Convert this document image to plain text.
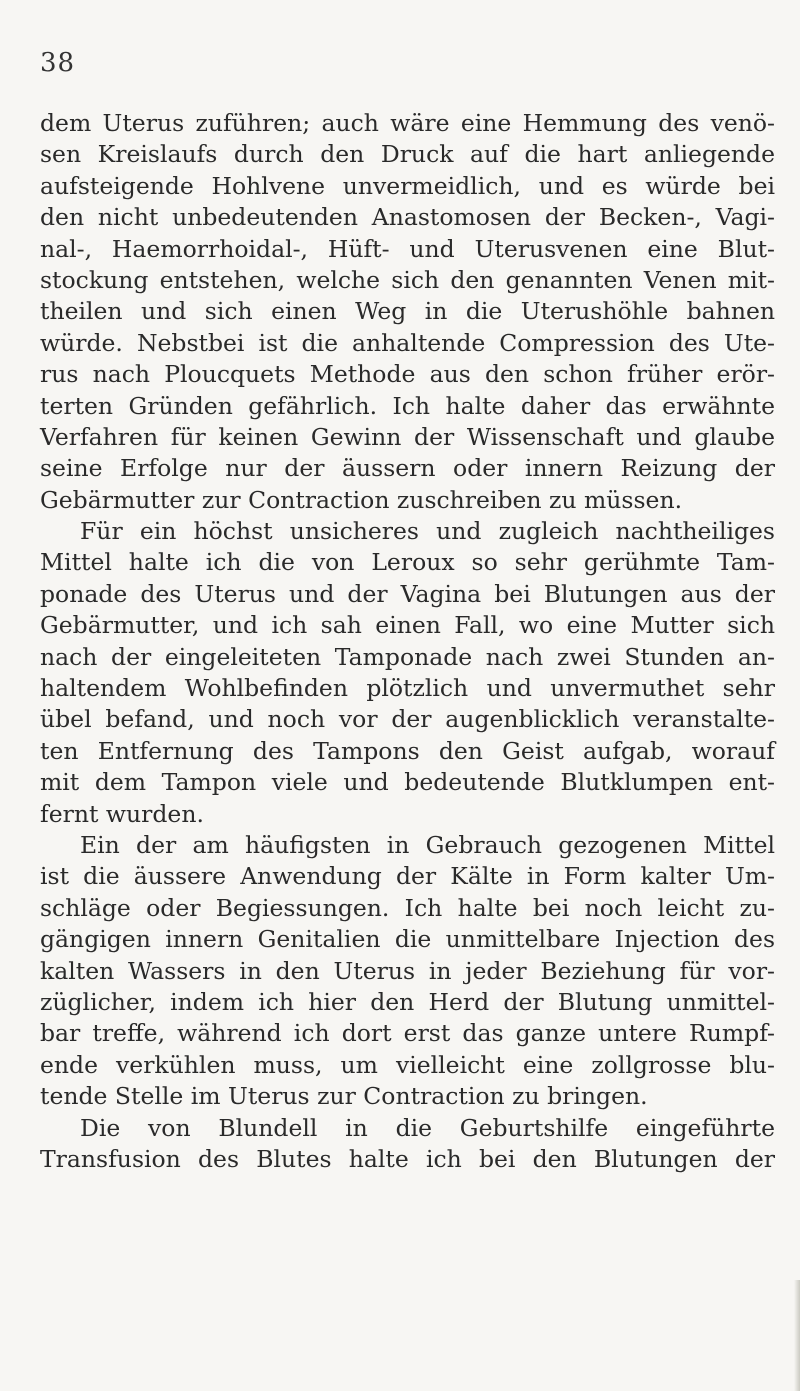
38
dem Uterus zuführen; auch wäre eine Hemmung des venö-
sen Kreislaufs durch den Druck auf die hart anliegende
aufsteigende Hohlvene unvermeidlich, und es würde bei
den nicht unbedeutenden Anastomosen der Becken-, Vagi-
nal-, Haemorrhoidal-, Hüft- und Uterusvenen eine Blut-
stockung entstehen, welche sich den genannten Venen mit-
theilen und sich einen Weg in die Uterushöhle bahnen
würde. Nebstbei ist die anhaltende Compression des Ute-
rus nach Ploucquets Methode aus den schon früher erör-
terten Gründen gefährlich. Ich halte daher das erwähnte
Verfahren für keinen Gewinn der Wissenschaft und glaube
seine Erfolge nur der äussern oder innern Reizung der
Gebärmutter zur Contraction zuschreiben zu müssen.
Für ein höchst unsicheres und zugleich nachtheiliges
Mittel halte ich die von Leroux so sehr gerühmte Tam-
ponade des Uterus und der Vagina bei Blutungen aus der
Gebärmutter, und ich sah einen Fall, wo eine Mutter sich
nach der eingeleiteten Tamponade nach zwei Stunden an-
haltendem Wohlbefinden plötzlich und unvermuthet sehr
übel befand, und noch vor der augenblicklich veranstalte-
ten Entfernung des Tampons den Geist aufgab, worauf
mit dem Tampon viele und bedeutende Blutklumpen ent-
fernt wurden.
Ein der am häufigsten in Gebrauch gezogenen Mittel
ist die äussere Anwendung der Kälte in Form kalter Um-
schläge oder Begiessungen. Ich halte bei noch leicht zu-
gängigen innern Genitalien die unmittelbare Injection des
kalten Wassers in den Uterus in jeder Beziehung für vor-
züglicher, indem ich hier den Herd der Blutung unmittel-
bar treffe, während ich dort erst das ganze untere Rumpf-
ende verkühlen muss, um vielleicht eine zollgrosse blu-
tende Stelle im Uterus zur Contraction zu bringen.
Die von Blundell in die Geburtshilfe eingeführte
Transfusion des Blutes halte ich bei den Blutungen der
